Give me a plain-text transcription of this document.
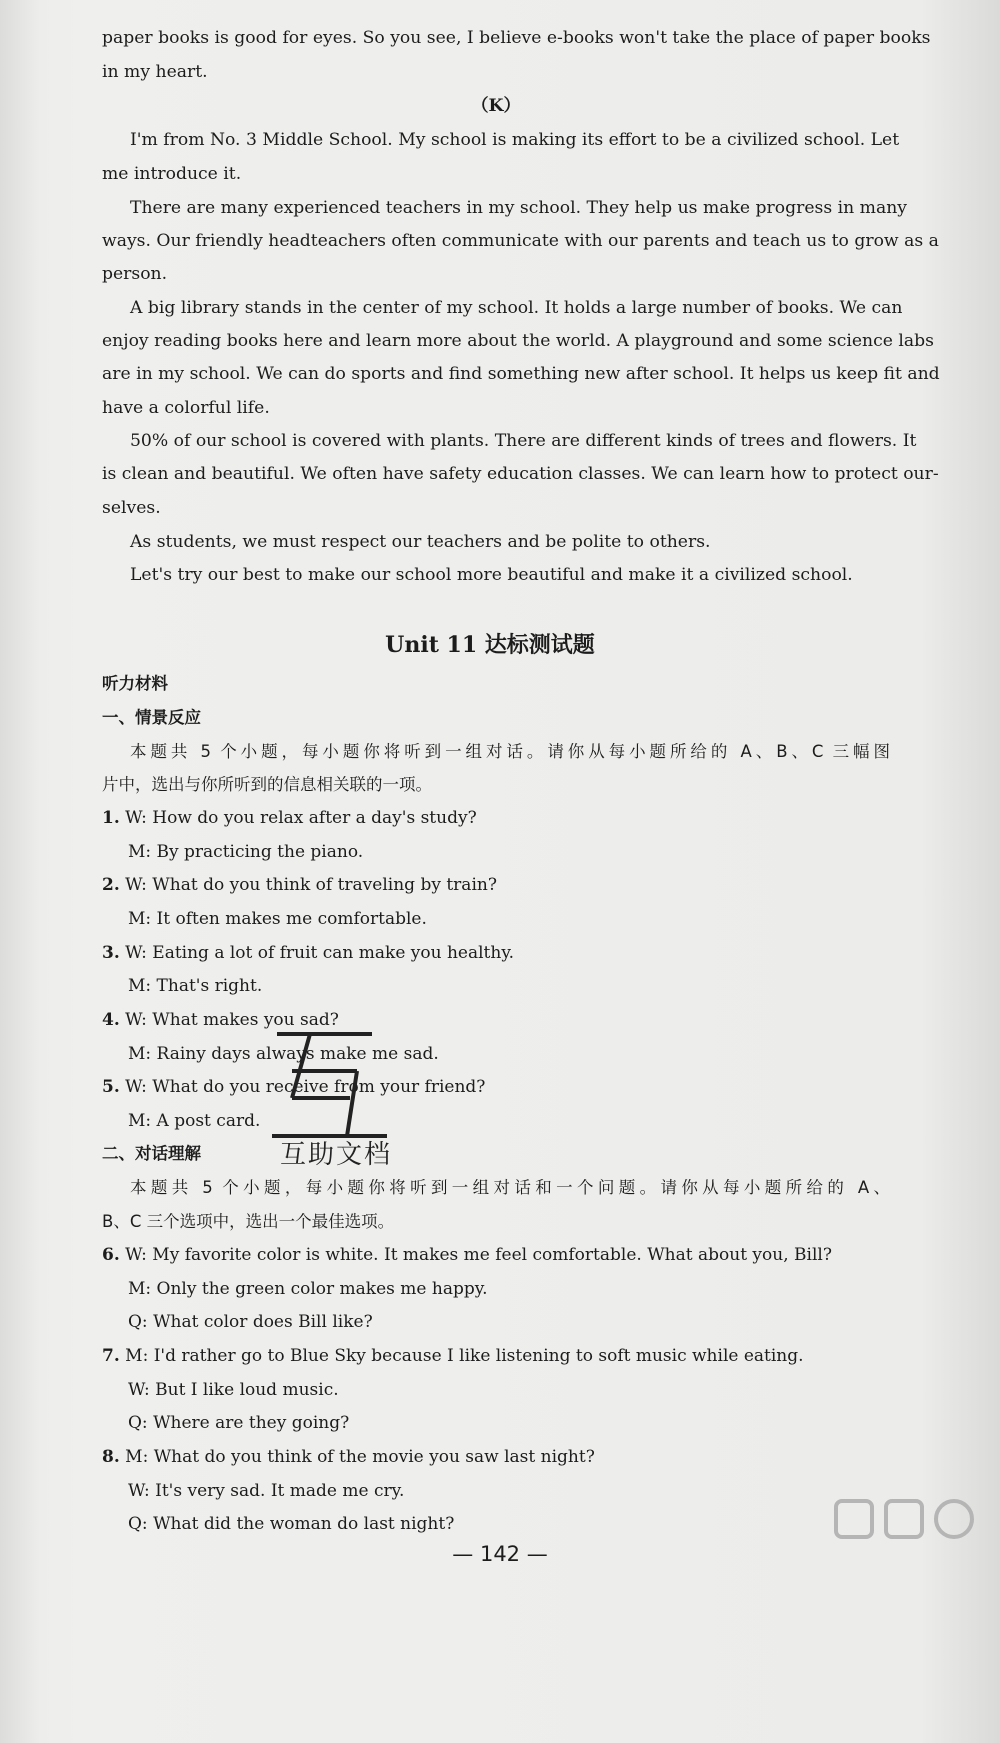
paper books is good for eyes. So you see, I believe e-books won't take the place of paper books
in my heart.
（K）
I'm from No. 3 Middle School. My school is making its effort to be a civilized school. Let
me introduce it.
There are many experienced teachers in my school. They help us make progress in many
ways. Our friendly headteachers often communicate with our parents and teach us to grow as a
person.
A big library stands in the center of my school. It holds a large number of books. We can
enjoy reading books here and learn more about the world. A playground and some science labs
are in my school. We can do sports and find something new after school. It helps us keep fit and
have a colorful life.
50% of our school is covered with plants. There are different kinds of trees and flowers. It
is clean and beautiful. We often have safety education classes. We can learn how to protect our-
selves.
As students, we must respect our teachers and be polite to others.
Let's try our best to make our school more beautiful and make it a civilized school.
Unit 11 达标测试题
听力材料
一、情景反应
本题共 5 个小题，每小题你将听到一组对话。请你从每小题所给的 A、B、C 三幅图
片中，选出与你所听到的信息相关联的一项。
1. W: How do you relax after a day's study?
M: By practicing the piano.
2. W: What do you think of traveling by train?
M: It often makes me comfortable.
3. W: Eating a lot of fruit can make you healthy.
M: That's right.
4. W: What makes you sad?
M: Rainy days always make me sad.
5. W: What do you receive from your friend?
M: A post card.
二、对话理解
本题共 5 个小题，每小题你将听到一组对话和一个问题。请你从每小题所给的 A、
B、C 三个选项中，选出一个最佳选项。
6. W: My favorite color is white. It makes me feel comfortable. What about you, Bill?
M: Only the green color makes me happy.
Q: What color does Bill like?
7. M: I'd rather go to Blue Sky because I like listening to soft music while eating.
W: But I like loud music.
Q: Where are they going?
8. M: What do you think of the movie you saw last night?
W: It's very sad. It made me cry.
Q: What did the woman do last night?
— 142 —
互助文档
